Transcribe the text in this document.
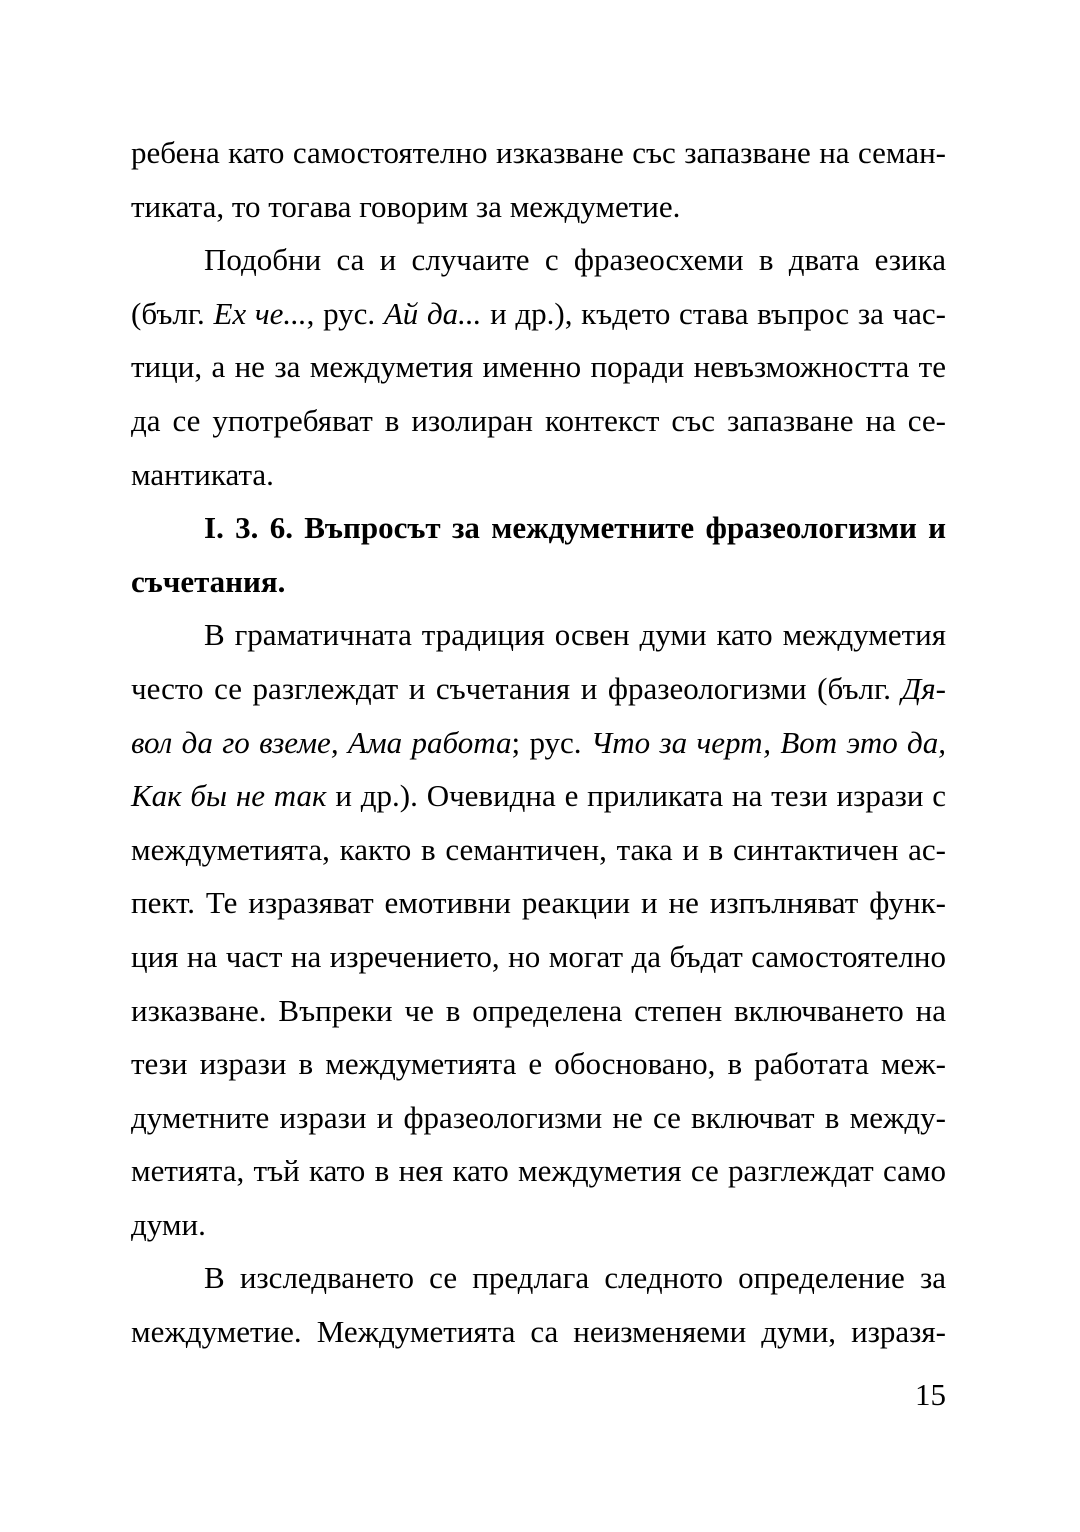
ребена като самостоятелно изказване със запазване на семан-
тиката, то тогава говорим за междуметие.
Подобни са и случаите с фразеосхеми в двата езика
(бълг. Ех че..., рус. Ай да... и др.), където става въпрос за час-
тици, а не за междуметия именно поради невъзможността те
да се употребяват в изолиран контекст със запазване на се-
мантиката.
I. 3. 6. Въпросът за междуметните фразеологизми и
съчетания.
В граматичната традиция освен думи като междуметия
често се разглеждат и съчетания и фразеологизми (бълг. Дя-
вол да го вземе, Ама работа; рус. Что за черт, Вот это да,
Как бы не так и др.). Очевидна е приликата на тези изрази с
междуметията, както в семантичен, така и в синтактичен ас-
пект. Те изразяват емотивни реакции и не изпълняват функ-
ция на част на изречението, но могат да бъдат самостоятелно
изказване. Въпреки че в определена степен включването на
тези изрази в междуметията е обосновано, в работата меж-
думетните изрази и фразеологизми не се включват в между-
метията, тъй като в нея като междуметия се разглеждат само
думи.
В изследването се предлага следното определение за
междуметие. Междуметията са неизменяеми думи, изразя-
15
